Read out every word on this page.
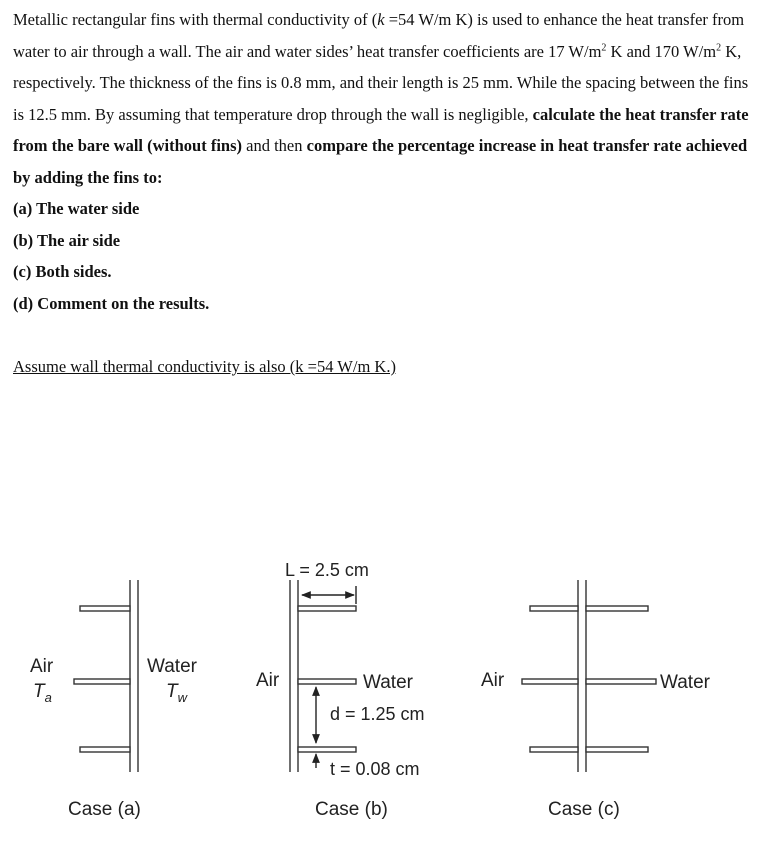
Metallic rectangular fins with thermal conductivity of (k =54 W/m K) is used to enhance the heat transfer from water to air through a wall. The air and water sides’ heat transfer coefficients are 17 $W/m^2$ K and 170 $W/m^2$ K, respectively. The thickness of the fins is 0.8 mm, and their length is 25 mm. While the spacing between the fins is 12.5 mm. By assuming that temperature drop through the wall is negligible, calculate the heat transfer rate from the bare wall (without fins) and then compare the percentage increase in heat transfer rate achieved by adding the fins to:

(a) The water side

(b) The air side

(c) Both sides.

(d) Comment on the results.

Assume wall thermal conductivity is also (k =54 W/m K.)

Air
$T_a$
Water
$T_w$
Case (a)
L = 2.5 cm
Air	Water
d = 1.25 cm
t = 0.08 cm
Case (b)
Air	Water
Case (c)
